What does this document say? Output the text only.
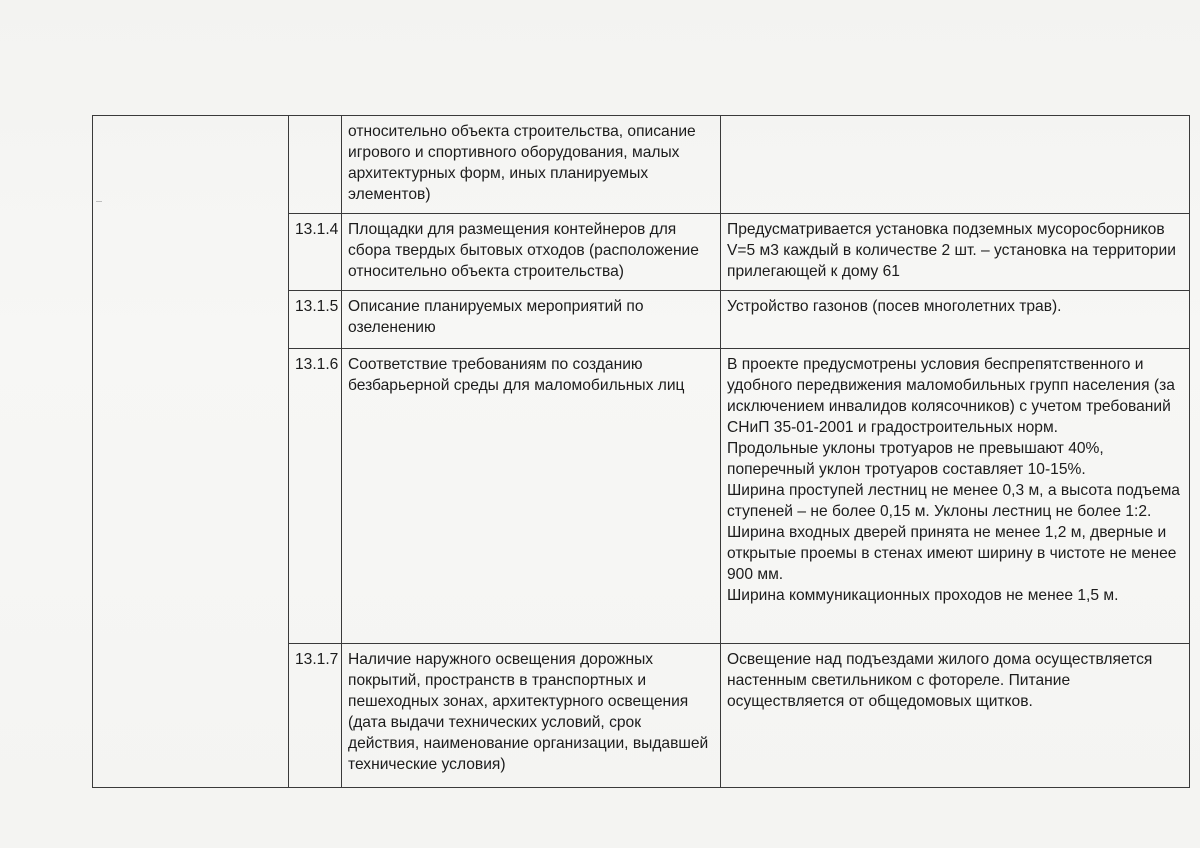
		относительно объекта строительства, описание игрового и спортивного оборудования, малых архитектурных форм, иных планируемых элементов)	

	13.1.4	Площадки для размещения контейнеров для сбора твердых бытовых отходов (расположение относительно объекта строительства)	Предусматривается установка подземных мусоросборников V=5 м3 каждый в количестве 2 шт. – установка на территории прилегающей к дому 61

	13.1.5	Описание планируемых мероприятий по озеленению	Устройство газонов (посев многолетних трав).

	13.1.6	Соответствие требованиям по созданию безбарьерной среды для маломобильных лиц	В проекте предусмотрены условия беспрепятственного и удобного передвижения маломобильных групп населения (за исключением инвалидов колясочников) с учетом требований СНиП 35-01-2001 и градостроительных норм.
Продольные уклоны тротуаров не превышают 40%, поперечный уклон тротуаров составляет 10-15%.
Ширина проступей лестниц не менее 0,3 м, а высота подъема ступеней – не более 0,15 м. Уклоны лестниц не более 1:2.
Ширина входных дверей принята не менее 1,2 м, дверные и открытые проемы в стенах имеют ширину в чистоте не менее 900 мм.
Ширина коммуникационных проходов не менее 1,5 м.

	13.1.7	Наличие наружного освещения дорожных покрытий, пространств в транспортных и пешеходных зонах, архитектурного освещения (дата выдачи технических условий, срок действия, наименование организации, выдавшей технические условия)	Освещение над подъездами жилого дома осуществляется настенным светильником с фотореле. Питание осуществляется от общедомовых щитков.
